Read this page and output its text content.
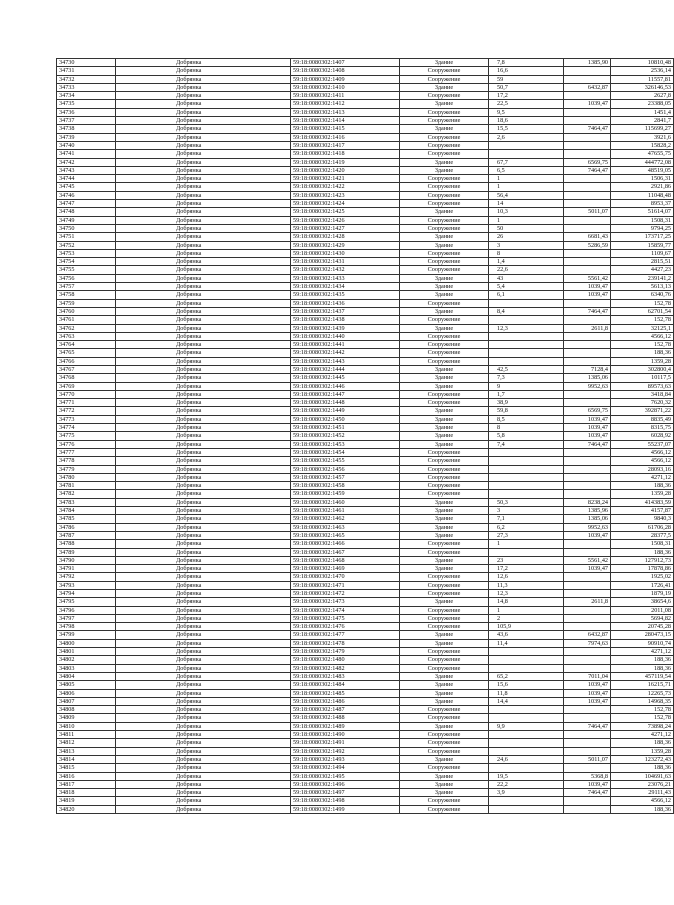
34730	Добрянка	59:18:0080302:1407	Здание	7,8	1385,90	10810,48
34731	Добрянка	59:18:0080302:1408	Сооружение	16,6		2536,14
34732	Добрянка	59:18:0080302:1409	Сооружение	59		11557,81
34733	Добрянка	59:18:0080302:1410	Здание	50,7	6432,87	326146,53
34734	Добрянка	59:18:0080302:1411	Сооружение	17,2		2627,8
34735	Добрянка	59:18:0080302:1412	Здание	22,5	1039,47	23388,05
34736	Добрянка	59:18:0080302:1413	Сооружение	9,5		1451,4
34737	Добрянка	59:18:0080302:1414	Сооружение	18,6		2841,7
34738	Добрянка	59:18:0080302:1415	Здание	15,5	7464,47	115699,27
34739	Добрянка	59:18:0080302:1416	Сооружение	2,6		3921,6
34740	Добрянка	59:18:0080302:1417	Сооружение			15828,2
34741	Добрянка	59:18:0080302:1418	Сооружение			47655,75
34742	Добрянка	59:18:0080302:1419	Здание	67,7	6569,75	444772,08
34743	Добрянка	59:18:0080302:1420	Здание	6,5	7464,47	48519,05
34744	Добрянка	59:18:0080302:1421	Сооружение	1		1506,31
34745	Добрянка	59:18:0080302:1422	Сооружение	1		2921,86
34746	Добрянка	59:18:0080302:1423	Сооружение	56,4		11048,48
34747	Добрянка	59:18:0080302:1424	Сооружение	14		8953,37
34748	Добрянка	59:18:0080302:1425	Здание	10,3	5011,07	51614,07
34749	Добрянка	59:18:0080302:1426	Сооружение	1		1508,31
34750	Добрянка	59:18:0080302:1427	Сооружение	50		9794,25
34751	Добрянка	59:18:0080302:1428	Здание	26	6681,43	173717,25
34752	Добрянка	59:18:0080302:1429	Здание	3	5286,59	15859,77
34753	Добрянка	59:18:0080302:1430	Сооружение	8		1109,67
34754	Добрянка	59:18:0080302:1431	Сооружение	1,4		2815,51
34755	Добрянка	59:18:0080302:1432	Сооружение	22,6		4427,23
34756	Добрянка	59:18:0080302:1433	Здание	43	5561,42	239141,2
34757	Добрянка	59:18:0080302:1434	Здание	5,4	1039,47	5613,13
34758	Добрянка	59:18:0080302:1435	Здание	6,1	1039,47	6340,76
34759	Добрянка	59:18:0080302:1436	Сооружение			152,78
34760	Добрянка	59:18:0080302:1437	Здание	8,4	7464,47	62701,54
34761	Добрянка	59:18:0080302:1438	Сооружение			152,78
34762	Добрянка	59:18:0080302:1439	Здание	12,3	2611,8	32125,1
34763	Добрянка	59:18:0080302:1440	Сооружение			4566,12
34764	Добрянка	59:18:0080302:1441	Сооружение			152,78
34765	Добрянка	59:18:0080302:1442	Сооружение			188,36
34766	Добрянка	59:18:0080302:1443	Сооружение			1359,28
34767	Добрянка	59:18:0080302:1444	Здание	42,5	7128,4	302800,4
34768	Добрянка	59:18:0080302:1445	Здание	7,3	1385,06	10117,5
34769	Добрянка	59:18:0080302:1446	Здание	9	9952,63	89573,63
34770	Добрянка	59:18:0080302:1447	Сооружение	1,7		3418,84
34771	Добрянка	59:18:0080302:1448	Сооружение	38,9		7620,32
34772	Добрянка	59:18:0080302:1449	Здание	59,8	6569,75	392871,22
34773	Добрянка	59:18:0080302:1450	Здание	8,5	1039,47	8835,49
34774	Добрянка	59:18:0080302:1451	Здание	8	1039,47	8315,75
34775	Добрянка	59:18:0080302:1452	Здание	5,8	1039,47	6028,92
34776	Добрянка	59:18:0080302:1453	Здание	7,4	7464,47	55237,07
34777	Добрянка	59:18:0080302:1454	Сооружение			4566,12
34778	Добрянка	59:18:0080302:1455	Сооружение			4566,12
34779	Добрянка	59:18:0080302:1456	Сооружение			28093,16
34780	Добрянка	59:18:0080302:1457	Сооружение			4271,12
34781	Добрянка	59:18:0080302:1458	Сооружение			188,36
34782	Добрянка	59:18:0080302:1459	Сооружение			1359,28
34783	Добрянка	59:18:0080302:1460	Здание	50,3	8238,24	414383,59
34784	Добрянка	59:18:0080302:1461	Здание	3	1385,96	4157,87
34785	Добрянка	59:18:0080302:1462	Здание	7,1	1385,06	9840,3
34786	Добрянка	59:18:0080302:1463	Здание	6,2	9952,63	61706,28
34787	Добрянка	59:18:0080302:1465	Здание	27,3	1039,47	28377,5
34788	Добрянка	59:18:0080302:1466	Сооружение	1		1508,31
34789	Добрянка	59:18:0080302:1467	Сооружение			188,36
34790	Добрянка	59:18:0080302:1468	Здание	23	5561,42	127912,73
34791	Добрянка	59:18:0080302:1469	Здание	17,2	1039,47	17878,86
34792	Добрянка	59:18:0080302:1470	Сооружение	12,6		1925,02
34793	Добрянка	59:18:0080302:1471	Сооружение	11,3		1726,41
34794	Добрянка	59:18:0080302:1472	Сооружение	12,3		1879,19
34795	Добрянка	59:18:0080302:1473	Здание	14,8	2611,8	38654,6
34796	Добрянка	59:18:0080302:1474	Сооружение	1		2011,08
34797	Добрянка	59:18:0080302:1475	Сооружение	2		5694,82
34798	Добрянка	59:18:0080302:1476	Сооружение	105,9		20745,28
34799	Добрянка	59:18:0080302:1477	Здание	43,6	6432,87	280473,15
34800	Добрянка	59:18:0080302:1478	Здание	11,4	7974,63	90910,74
34801	Добрянка	59:18:0080302:1479	Сооружение			4271,12
34802	Добрянка	59:18:0080302:1480	Сооружение			188,36
34803	Добрянка	59:18:0080302:1482	Сооружение			188,36
34804	Добрянка	59:18:0080302:1483	Здание	65,2	7011,04	457119,54
34805	Добрянка	59:18:0080302:1484	Здание	15,6	1039,47	16215,71
34806	Добрянка	59:18:0080302:1485	Здание	11,8	1039,47	12265,73
34807	Добрянка	59:18:0080302:1486	Здание	14,4	1039,47	14968,35
34808	Добрянка	59:18:0080302:1487	Сооружение			152,78
34809	Добрянка	59:18:0080302:1488	Сооружение			152,78
34810	Добрянка	59:18:0080302:1489	Здание	9,9	7464,47	73898,24
34811	Добрянка	59:18:0080302:1490	Сооружение			4271,12
34812	Добрянка	59:18:0080302:1491	Сооружение			188,36
34813	Добрянка	59:18:0080302:1492	Сооружение			1359,28
34814	Добрянка	59:18:0080302:1493	Здание	24,6	5011,07	123272,43
34815	Добрянка	59:18:0080302:1494	Сооружение			188,36
34816	Добрянка	59:18:0080302:1495	Здание	19,5	5368,8	104691,63
34817	Добрянка	59:18:0080302:1496	Здание	22,2	1039,47	23076,21
34818	Добрянка	59:18:0080302:1497	Здание	3,9	7464,47	29111,43
34819	Добрянка	59:18:0080302:1498	Сооружение			4566,12
34820	Добрянка	59:18:0080302:1499	Сооружение			188,36
